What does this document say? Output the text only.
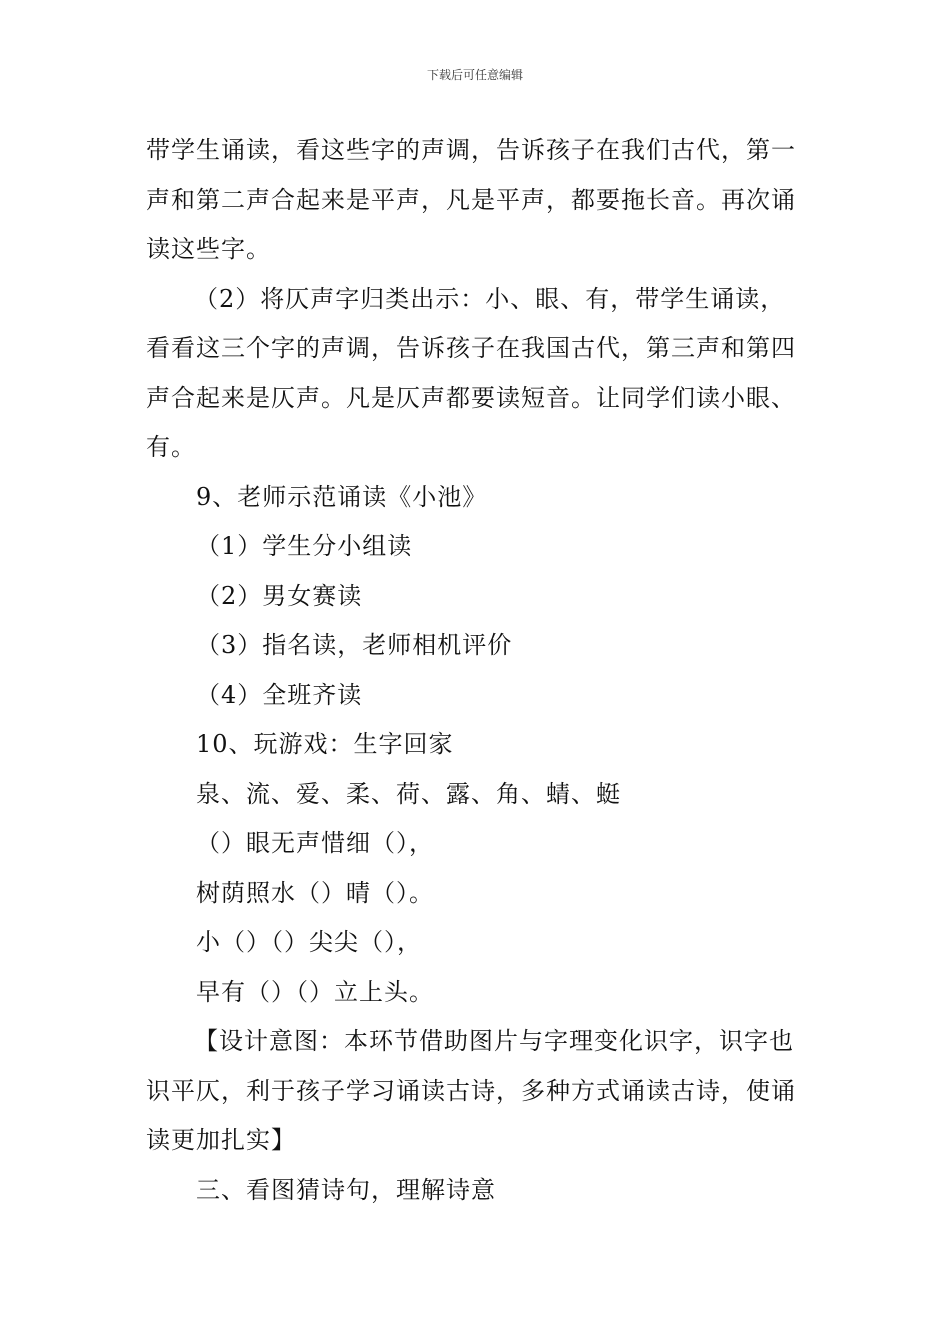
下载后可任意编辑

带学生诵读，看这些字的声调，告诉孩子在我们古代，第一声和第二声合起来是平声，凡是平声，都要拖长音。再次诵读这些字。

（2）将仄声字归类出示：小、眼、有，带学生诵读，看看这三个字的声调，告诉孩子在我国古代，第三声和第四声合起来是仄声。凡是仄声都要读短音。让同学们读小眼、有。

9、老师示范诵读《小池》

（1）学生分小组读

（2）男女赛读

（3）指名读，老师相机评价

（4）全班齐读

10、玩游戏：生字回家

泉、流、爱、柔、荷、露、角、蜻、蜓

（）眼无声惜细（），

树荫照水（）晴（）。

小（）（）尖尖（），

早有（）（）立上头。

【设计意图：本环节借助图片与字理变化识字，识字也识平仄，利于孩子学习诵读古诗，多种方式诵读古诗，使诵读更加扎实】

三、看图猜诗句，理解诗意
